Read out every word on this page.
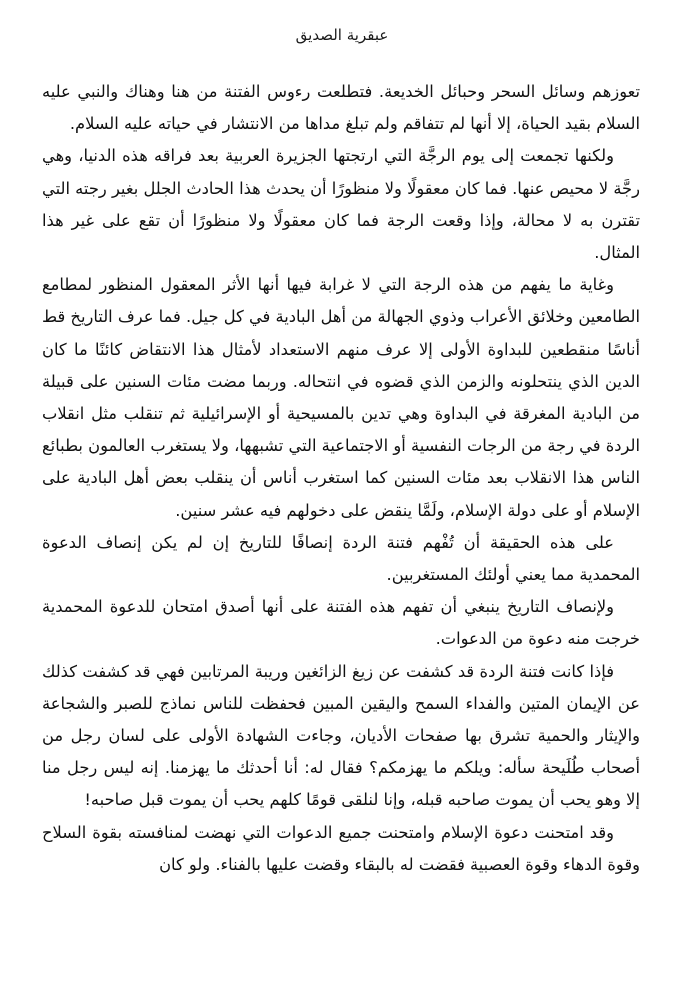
عبقرية الصديق

تعوزهم وسائل السحر وحبائل الخديعة. فتطلعت رءوس الفتنة من هنا وهناك والنبي عليه السلام بقيد الحياة، إلا أنها لم تتفاقم ولم تبلغ مداها من الانتشار في حياته عليه السلام.

ولكنها تجمعت إلى يوم الرجَّة التي ارتجتها الجزيرة العربية بعد فراقه هذه الدنيا، وهي رجَّة لا محيص عنها. فما كان معقولًا ولا منظورًا أن يحدث هذا الحادث الجلل بغير رجته التي تقترن به لا محالة، وإذا وقعت الرجة فما كان معقولًا ولا منظورًا أن تقع على غير هذا المثال.

وغاية ما يفهم من هذه الرجة التي لا غرابة فيها أنها الأثر المعقول المنظور لمطامع الطامعين وخلائق الأعراب وذوي الجهالة من أهل البادية في كل جيل. فما عرف التاريخ قط أناسًا منقطعين للبداوة الأولى إلا عرف منهم الاستعداد لأمثال هذا الانتقاض كائنًا ما كان الدين الذي ينتحلونه والزمن الذي قضوه في انتحاله. وربما مضت مئات السنين على قبيلة من البادية المغرقة في البداوة وهي تدين بالمسيحية أو الإسرائيلية ثم تنقلب مثل انقلاب الردة في رجة من الرجات النفسية أو الاجتماعية التي تشبهها، ولا يستغرب العالمون بطبائع الناس هذا الانقلاب بعد مئات السنين كما استغرب أناس أن ينقلب بعض أهل البادية على الإسلام أو على دولة الإسلام، ولَمَّا ينقض على دخولهم فيه عشر سنين.

على هذه الحقيقة أن تُفْهم فتنة الردة إنصافًا للتاريخ إن لم يكن إنصاف الدعوة المحمدية مما يعني أولئك المستغربين.

ولإنصاف التاريخ ينبغي أن تفهم هذه الفتنة على أنها أصدق امتحان للدعوة المحمدية خرجت منه دعوة من الدعوات.

فإذا كانت فتنة الردة قد كشفت عن زيغ الزائغين وريبة المرتابين فهي قد كشفت كذلك عن الإيمان المتين والفداء السمح واليقين المبين فحفظت للناس نماذج للصبر والشجاعة والإيثار والحمية تشرق بها صفحات الأديان، وجاءت الشهادة الأولى على لسان رجل من أصحاب طُلَيحة سأله: ويلكم ما يهزمكم؟ فقال له: أنا أحدثك ما يهزمنا. إنه ليس رجل منا إلا وهو يحب أن يموت صاحبه قبله، وإنا لنلقى قومًا كلهم يحب أن يموت قبل صاحبه!

وقد امتحنت دعوة الإسلام وامتحنت جميع الدعوات التي نهضت لمنافسته بقوة السلاح وقوة الدهاء وقوة العصبية فقضت له بالبقاء وقضت عليها بالفناء. ولو كان
